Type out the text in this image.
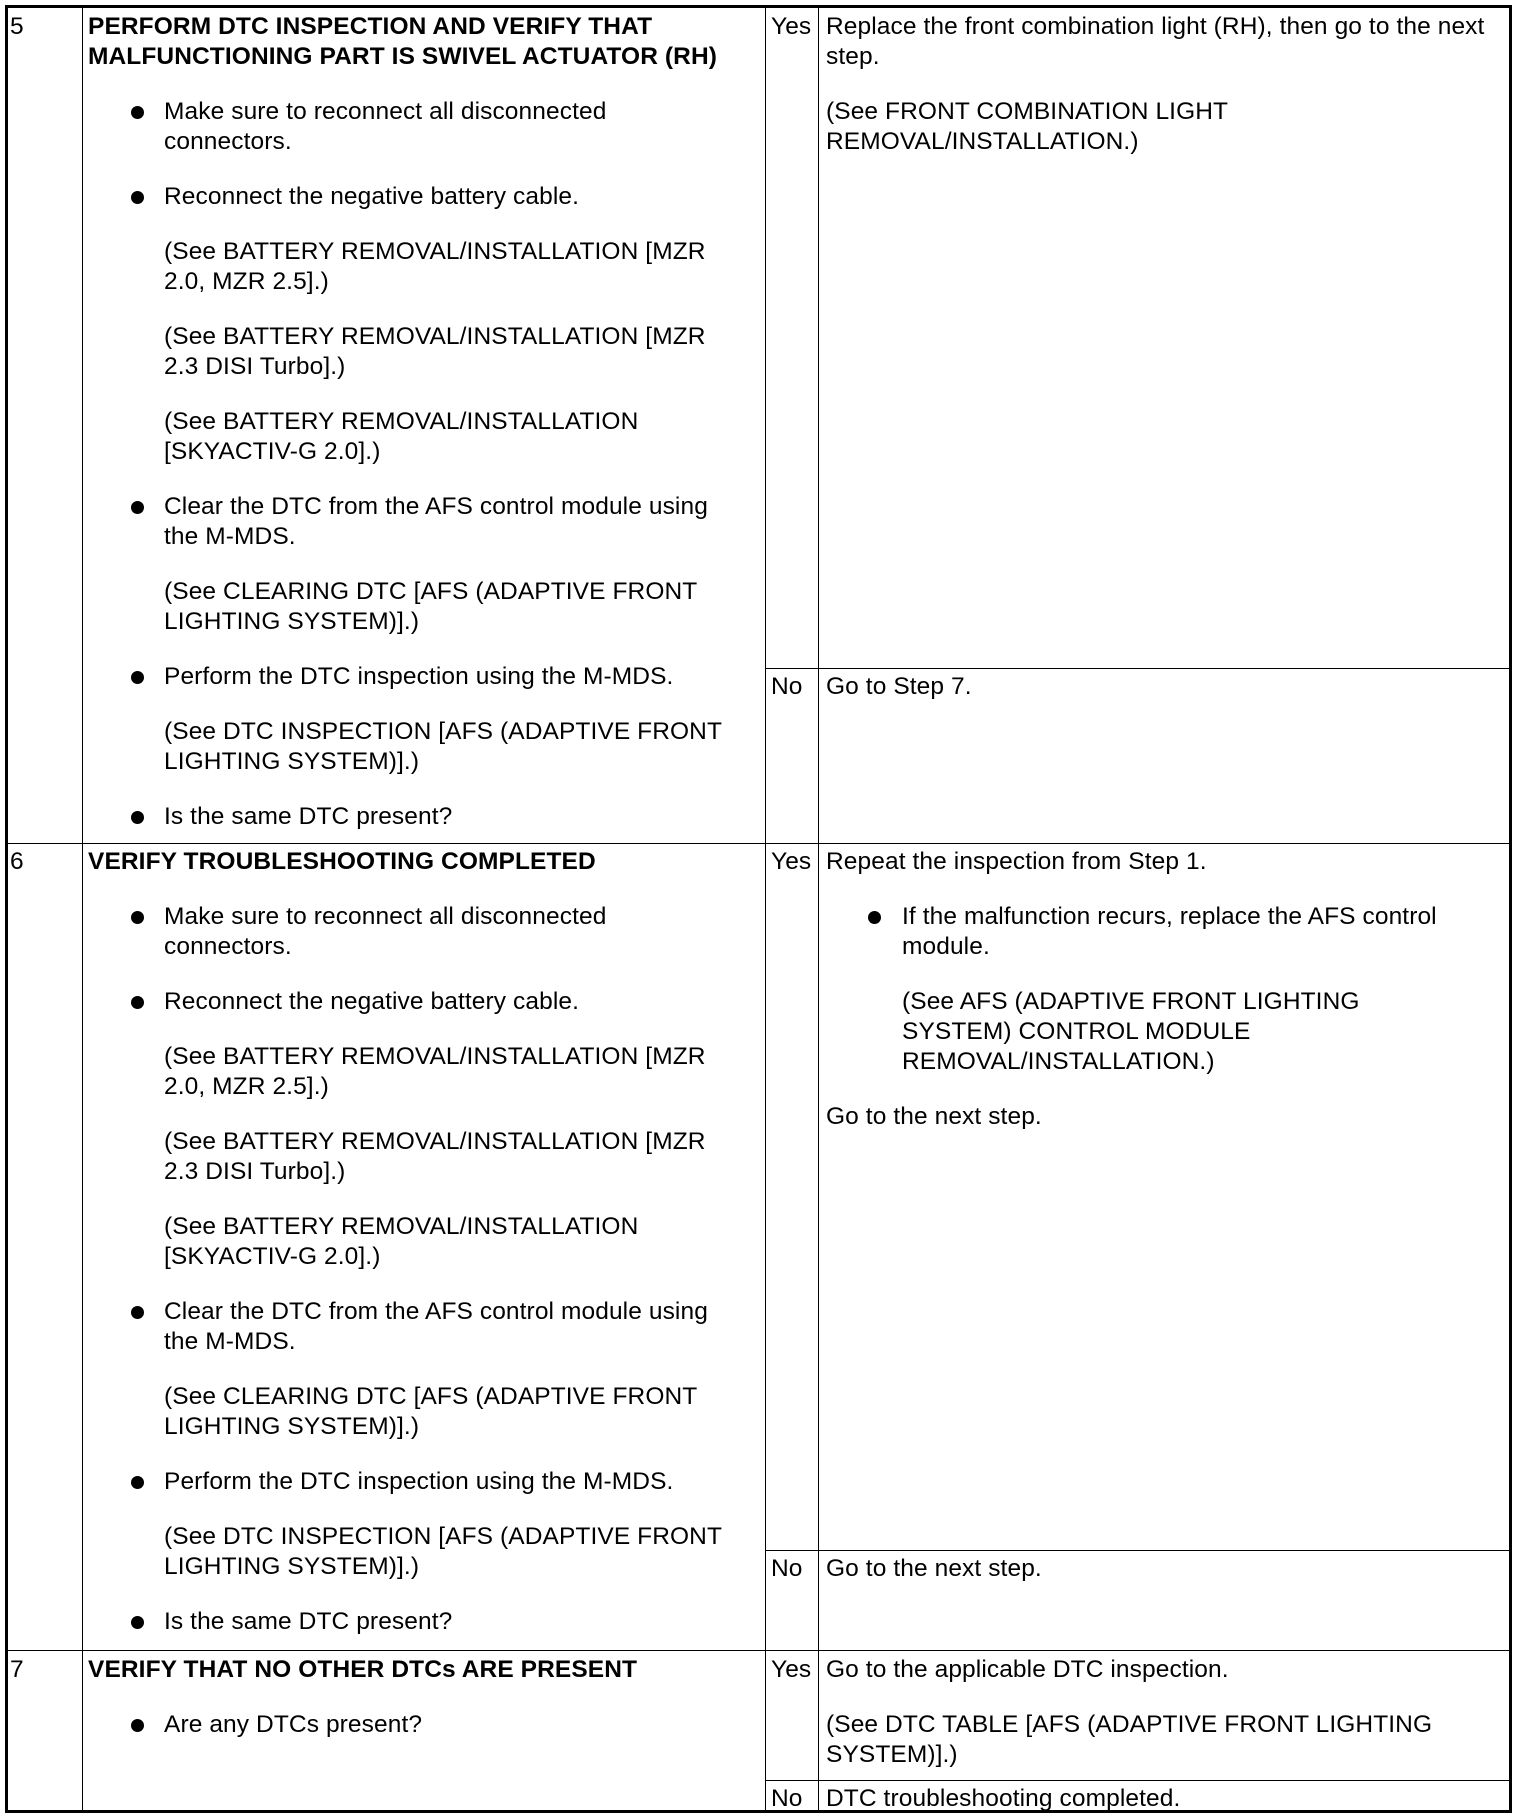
5	PERFORM DTC INSPECTION AND VERIFY THAT
MALFUNCTIONING PART IS SWIVEL ACTUATOR (RH)
Make sure to reconnect all disconnected
connectors.
Reconnect the negative battery cable.
(See BATTERY REMOVAL/INSTALLATION [MZR
2.0, MZR 2.5].)
(See BATTERY REMOVAL/INSTALLATION [MZR
2.3 DISI Turbo].)
(See BATTERY REMOVAL/INSTALLATION
[SKYACTIV-G 2.0].)
Clear the DTC from the AFS control module using
the M-MDS.
(See CLEARING DTC [AFS (ADAPTIVE FRONT
LIGHTING SYSTEM)].)
Perform the DTC inspection using the M-MDS.
(See DTC INSPECTION [AFS (ADAPTIVE FRONT
LIGHTING SYSTEM)].)
Is the same DTC present?
Yes Replace the front combination light (RH), then go to the next
step.
(See FRONT COMBINATION LIGHT
REMOVAL/INSTALLATION.)
No Go to Step 7.
6	VERIFY TROUBLESHOOTING COMPLETED
Make sure to reconnect all disconnected
connectors.
Reconnect the negative battery cable.
(See BATTERY REMOVAL/INSTALLATION [MZR
2.0, MZR 2.5].)
(See BATTERY REMOVAL/INSTALLATION [MZR
2.3 DISI Turbo].)
(See BATTERY REMOVAL/INSTALLATION
[SKYACTIV-G 2.0].)
Clear the DTC from the AFS control module using
the M-MDS.
(See CLEARING DTC [AFS (ADAPTIVE FRONT
LIGHTING SYSTEM)].)
Perform the DTC inspection using the M-MDS.
(See DTC INSPECTION [AFS (ADAPTIVE FRONT
LIGHTING SYSTEM)].)
Is the same DTC present?
Yes Repeat the inspection from Step 1.
If the malfunction recurs, replace the AFS control
module.
(See AFS (ADAPTIVE FRONT LIGHTING
SYSTEM) CONTROL MODULE
REMOVAL/INSTALLATION.)
Go to the next step.
No Go to the next step.
7	VERIFY THAT NO OTHER DTCs ARE PRESENT
Are any DTCs present?
Yes Go to the applicable DTC inspection.
(See DTC TABLE [AFS (ADAPTIVE FRONT LIGHTING
SYSTEM)].)
No DTC troubleshooting completed.
